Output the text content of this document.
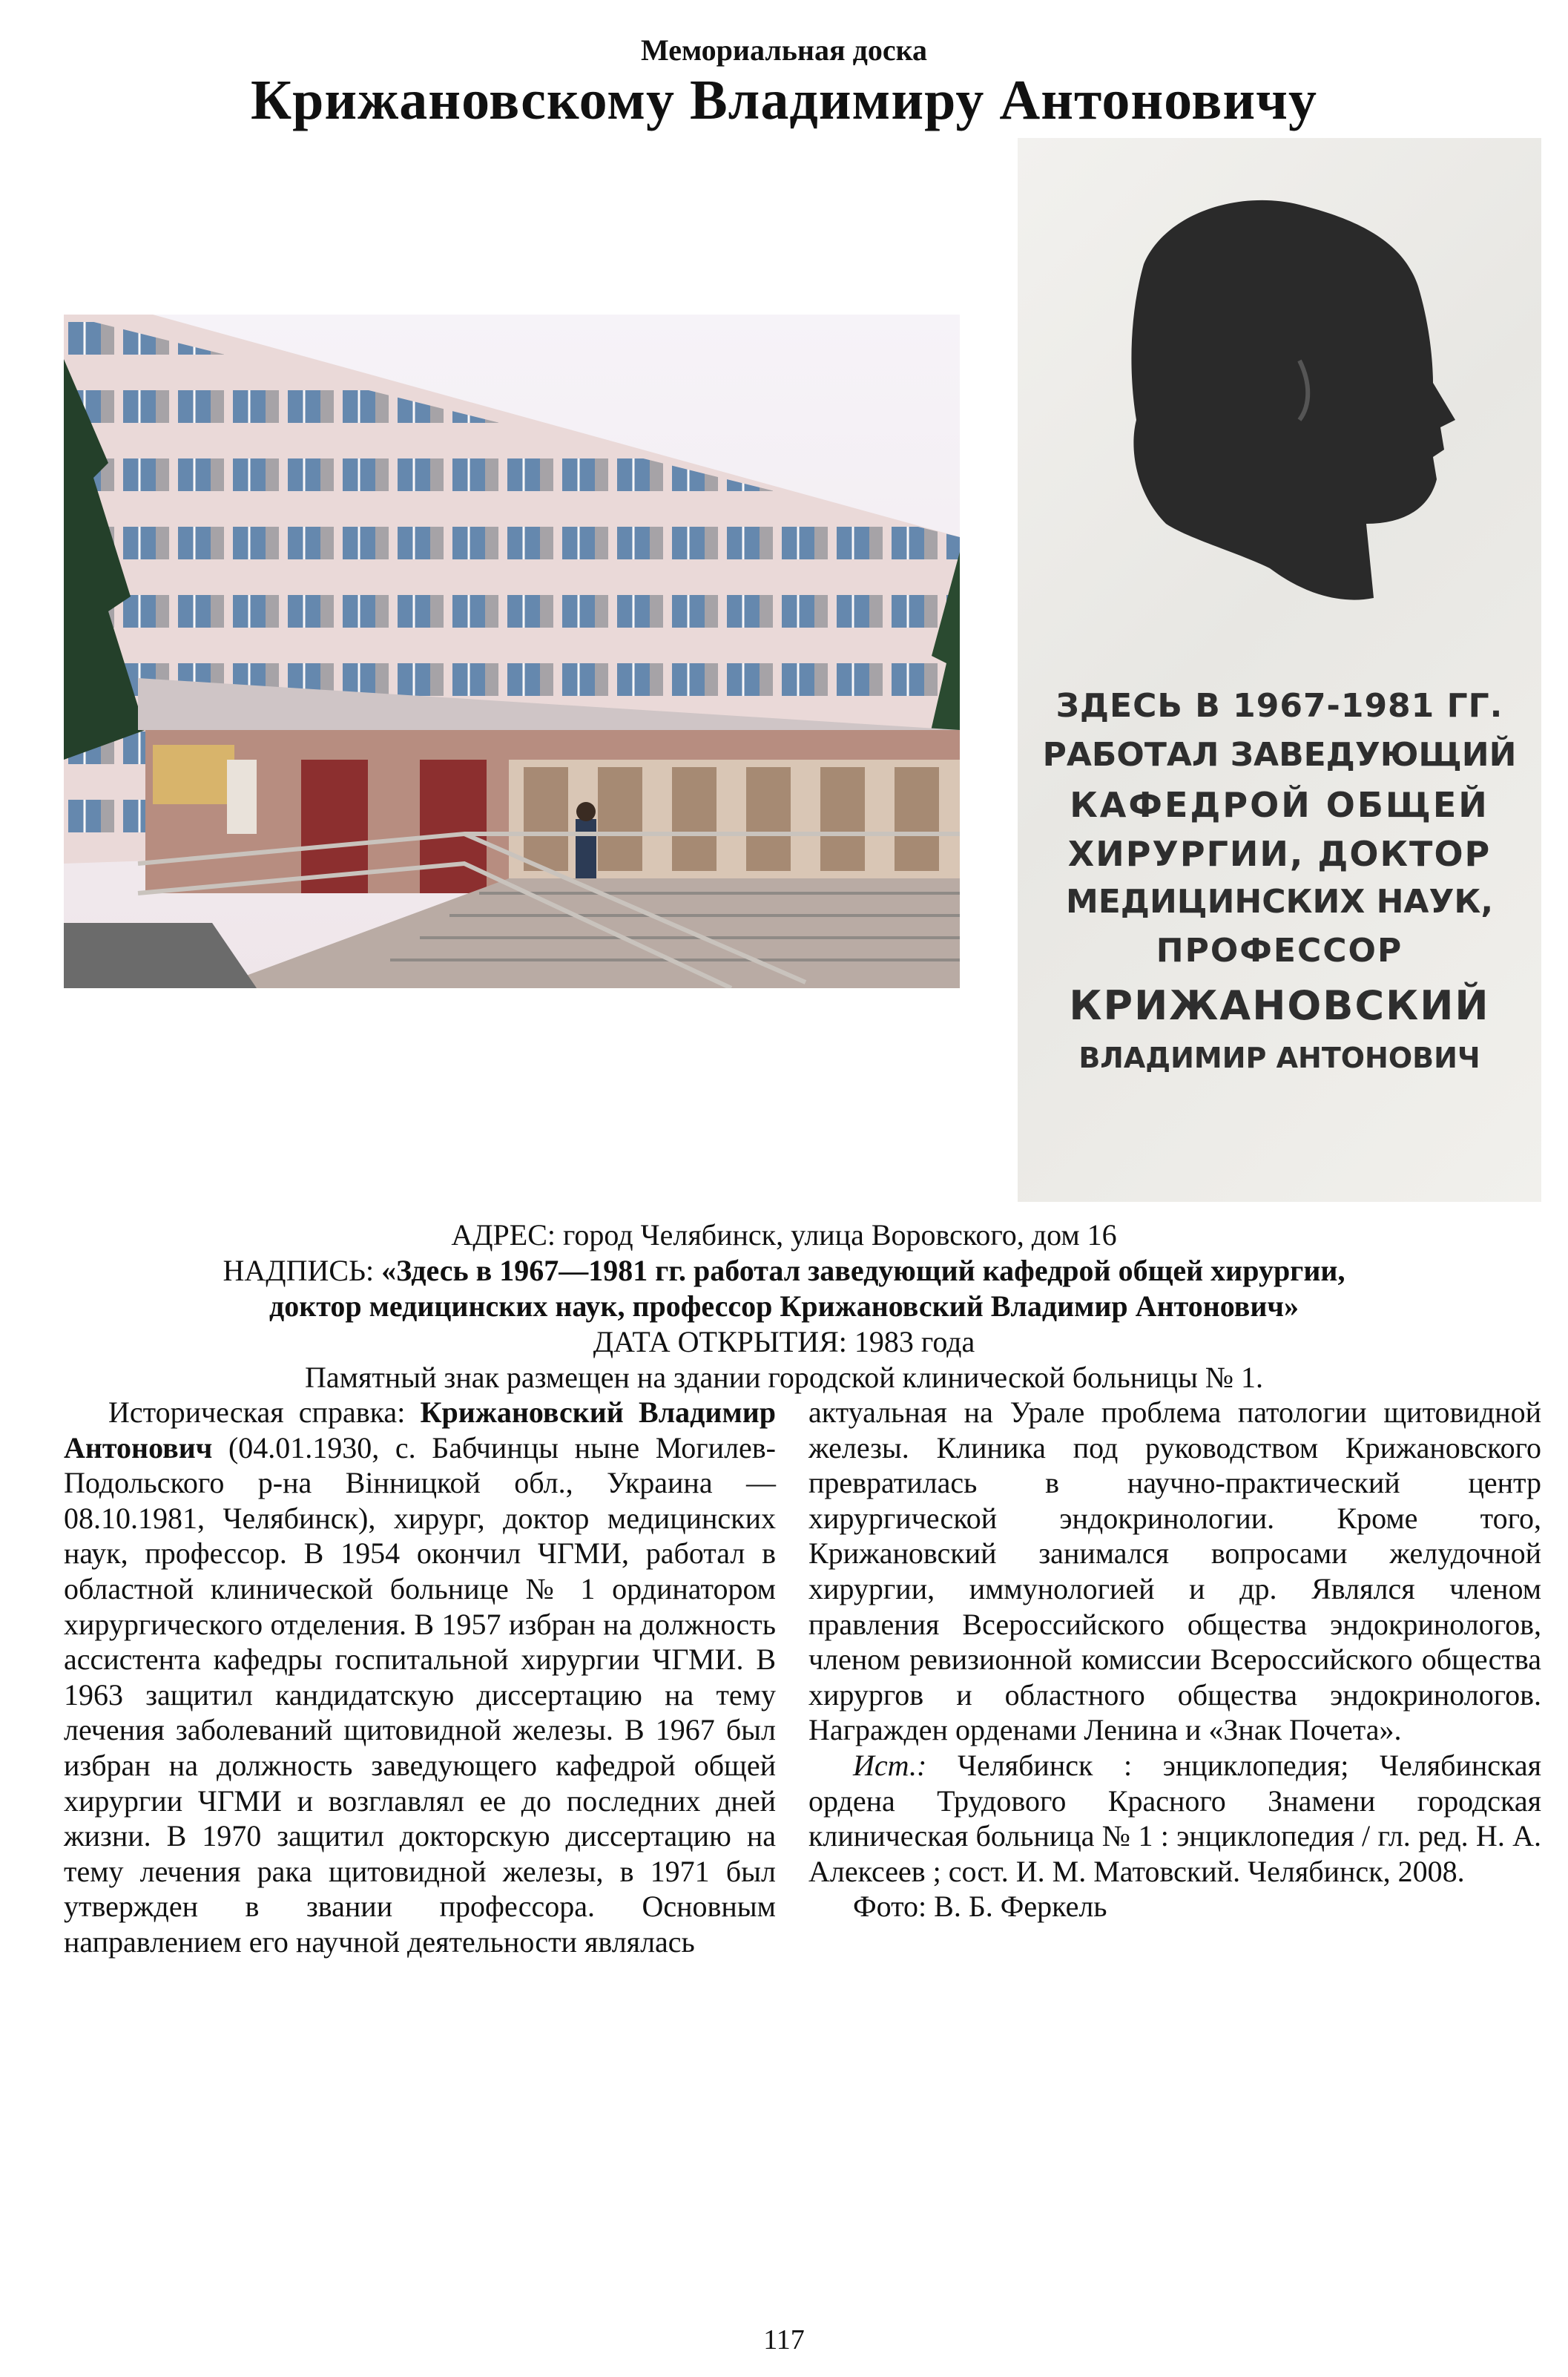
Мемориальная доска
Крижановскому Владимиру Антоновичу
ЗДЕСЬ В 1967-1981 ГГ.
РАБОТАЛ ЗАВЕДУЮЩИЙ
КАФЕДРОЙ ОБЩЕЙ
ХИРУРГИИ, ДОКТОР
МЕДИЦИНСКИХ НАУК,
ПРОФЕССОР
КРИЖАНОВСКИЙ
ВЛАДИМИР АНТОНОВИЧ
АДРЕС: город Челябинск, улица Воровского, дом 16
НАДПИСЬ: «Здесь в 1967—1981 гг. работал заведующий кафедрой общей хирургии,
доктор медицинских наук, профессор Крижановский Владимир Антонович»
ДАТА ОТКРЫТИЯ: 1983 года
Памятный знак размещен на здании городской клинической больницы № 1.

Историческая справка: Крижановский Владимир Антонович (04.01.1930, с. Бабчинцы ныне Могилев-Подольского р-на Вінницкой обл., Украина — 08.10.1981, Челябинск), хирург, доктор медицинских наук, профессор. В 1954 окончил ЧГМИ, работал в областной клинической больнице № 1 ординатором хирургического отделения. В 1957 избран на должность ассистента кафедры госпитальной хирургии ЧГМИ. В 1963 защитил кандидатскую диссертацию на тему лечения заболеваний щитовидной железы. В 1967 был избран на должность заведующего кафедрой общей хирургии ЧГМИ и возглавлял ее до последних дней жизни. В 1970 защитил докторскую диссертацию на тему лечения рака щитовидной железы, в 1971 был утвержден в звании профессора. Основным направлением его научной деятельности являлась

актуальная на Урале проблема патологии щитовидной железы. Клиника под руководством Крижановского превратилась в научно-практический центр хирургической эндокринологии. Кроме того, Крижановский занимался вопросами желудочной хирургии, иммунологией и др. Являлся членом правления Всероссийского общества эндокринологов, членом ревизионной комиссии Всероссийского общества хирургов и областного общества эндокринологов. Награжден орденами Ленина и «Знак Почета».

Ист.: Челябинск : энциклопедия; Челябинская ордена Трудового Красного Знамени городская клиническая больница № 1 : энциклопедия / гл. ред. Н. А. Алексеев ; сост. И. М. Матовский. Челябинск, 2008.

Фото: В. Б. Феркель

117
